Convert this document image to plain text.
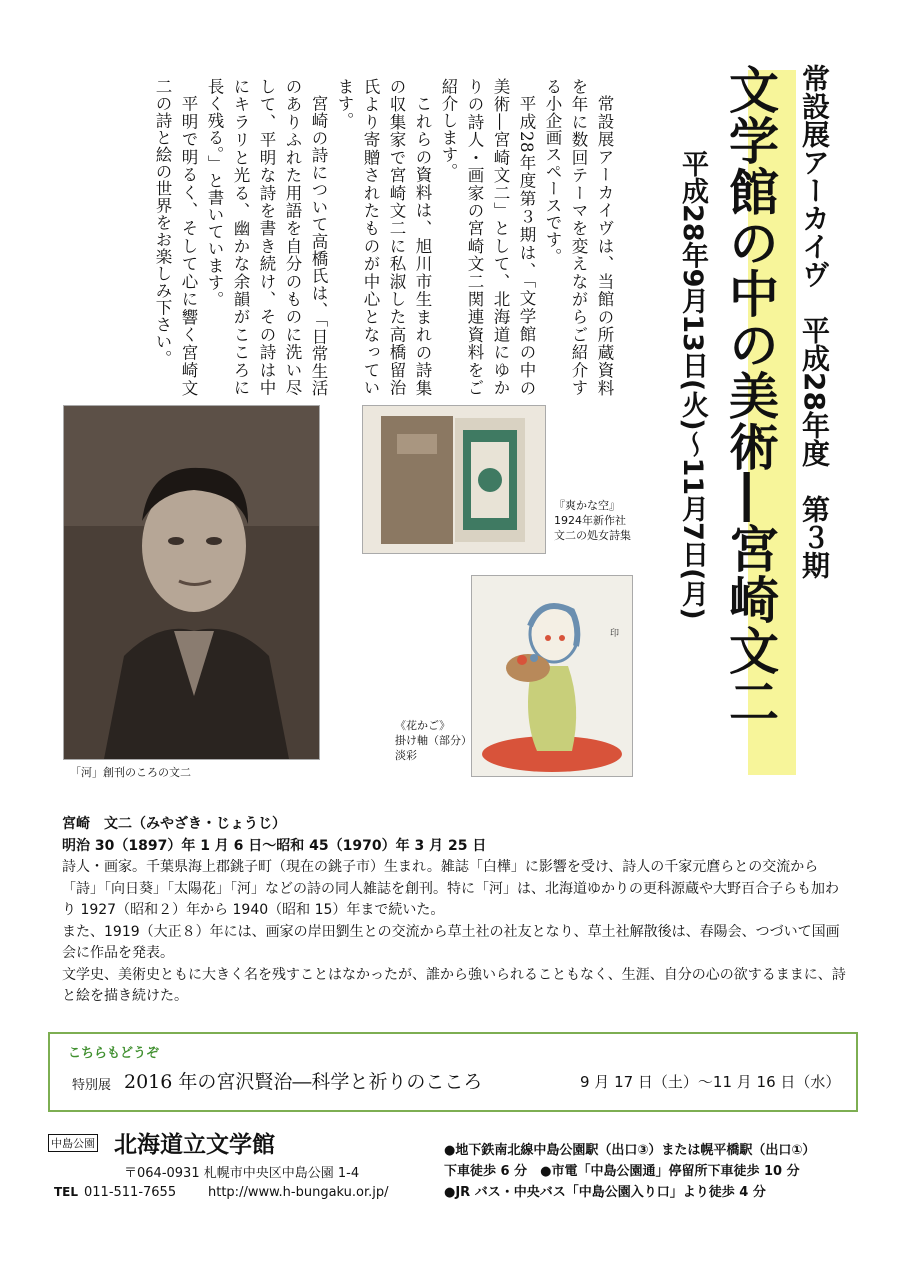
常設展アーカイヴ　平成28年度　第３期
文学館の中の美術―宮崎文二
平成28年9月13日(火)～11月7日(月)

常設展アーカイヴは、当館の所蔵資料を年に数回テーマを変えながらご紹介する小企画スペースです。

平成28年度第３期は、「文学館の中の美術―宮崎文二」として、北海道にゆかりの詩人・画家の宮崎文二関連資料をご紹介します。

これらの資料は、旭川市生まれの詩集の収集家で宮崎文二に私淑した高橋留治氏より寄贈されたものが中心となっています。

宮崎の詩について高橋氏は、「日常生活のありふれた用語を自分のものに洗い尽して、平明な詩を書き続け、その詩は中にキラリと光る、幽かな余韻がこころに長く残る。」と書いています。

平明で明るく、そして心に響く宮崎文二の詩と絵の世界をお楽しみ下さい。

「河」創刊のころの文二
『爽かな空』
1924年新作社
文二の処女詩集
印
《花かご》
掛け軸（部分）
淡彩
宮崎　文二（みやざき・じょうじ）
明治 30（1897）年 1 月 6 日～昭和 45（1970）年 3 月 25 日
詩人・画家。千葉県海上郡銚子町（現在の銚子市）生まれ。雑誌「白樺」に影響を受け、詩人の千家元麿らとの交流から「詩」「向日葵」「太陽花」「河」などの詩の同人雑誌を創刊。特に「河」は、北海道ゆかりの更科源蔵や大野百合子らも加わり 1927（昭和２）年から 1940（昭和 15）年まで続いた。
また、1919（大正８）年には、画家の岸田劉生との交流から草土社の社友となり、草土社解散後は、春陽会、つづいて国画会に作品を発表。
文学史、美術史ともに大きく名を残すことはなかったが、誰から強いられることもなく、生涯、自分の心の欲するままに、詩と絵を描き続けた。
こちらもどうぞ
特別展 2016 年の宮沢賢治―科学と祈りのこころ	9 月 17 日（土）～11 月 16 日（水）
中島公園 北海道立文学館
〒064-0931 札幌市中央区中島公園 1-4
TEL 011-511-7655 http://www.h-bungaku.or.jp/
●地下鉄南北線中島公園駅（出口③）または幌平橋駅（出口①）
下車徒歩 6 分　●市電「中島公園通」停留所下車徒歩 10 分
●JR バス・中央バス「中島公園入り口」より徒歩 4 分
